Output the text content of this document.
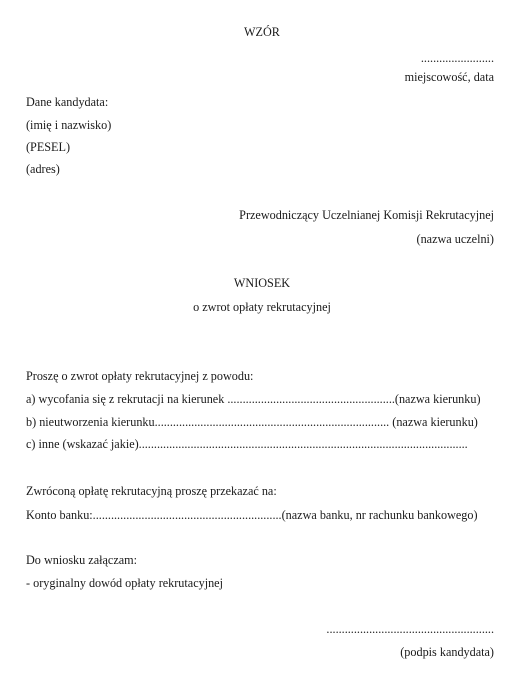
WZÓR
........................
miejscowość, data
Dane kandydata:
(imię i nazwisko)
(PESEL)
(adres)
Przewodniczący Uczelnianej Komisji Rekrutacyjnej
(nazwa uczelni)
WNIOSEK
o zwrot opłaty rekrutacyjnej
Proszę o zwrot opłaty rekrutacyjnej z powodu:
a) wycofania się z rekrutacji na kierunek .......................................................(nazwa kierunku)
b) nieutworzenia kierunku............................................................................. (nazwa kierunku)
c) inne (wskazać jakie)............................................................................................................
Zwróconą opłatę rekrutacyjną proszę przekazać na:
Konto banku:..............................................................(nazwa banku, nr rachunku bankowego)
Do wniosku załączam:
- oryginalny dowód opłaty rekrutacyjnej
.......................................................
(podpis kandydata)
